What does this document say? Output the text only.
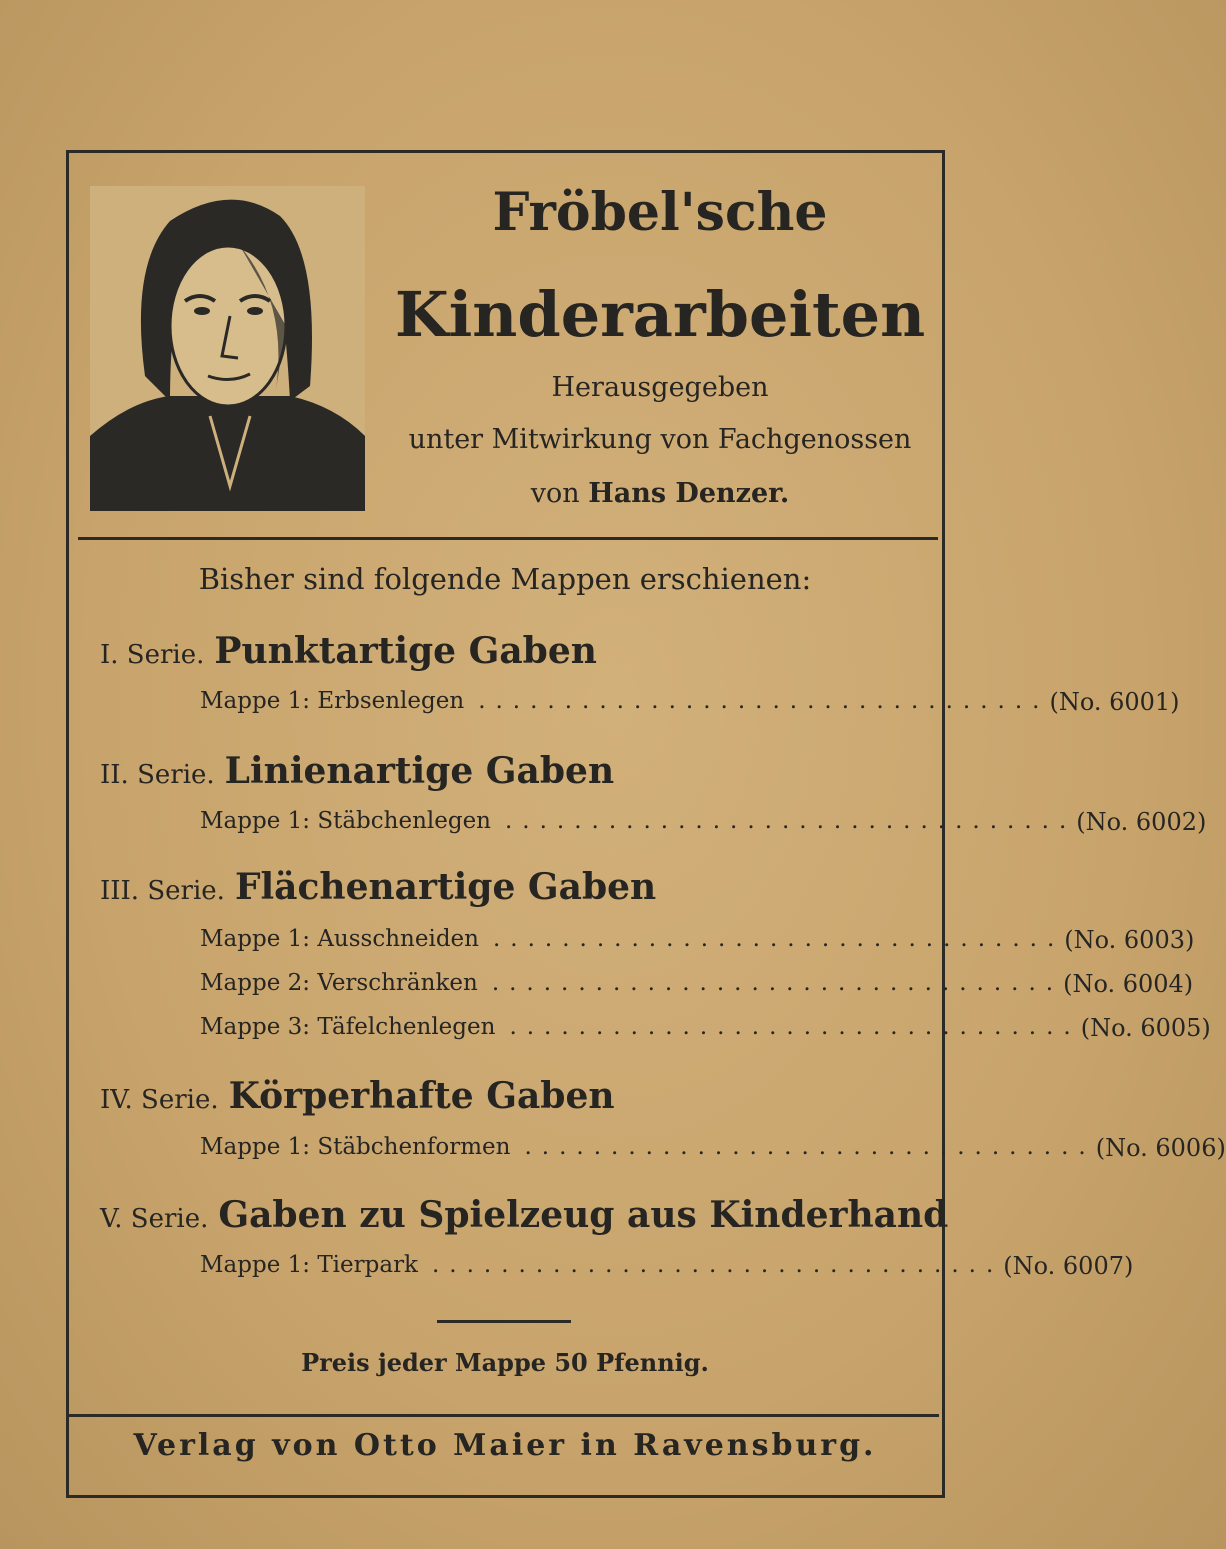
Fröbel'sche
Kinderarbeiten
Herausgegeben
unter Mitwirkung von Fachgenossen
von Hans Denzer.
Bisher sind folgende Mappen erschienen:
I. Serie. Punktartige Gaben
Mappe 1: Erbsenlegen ................................. (No. 6001)
II. Serie. Linienartige Gaben
Mappe 1: Stäbchenlegen ................................. (No. 6002)
III. Serie. Flächenartige Gaben
Mappe 1: Ausschneiden ................................. (No. 6003)
Mappe 2: Verschränken ................................. (No. 6004)
Mappe 3: Täfelchenlegen ................................. (No. 6005)
IV. Serie. Körperhafte Gaben
Mappe 1: Stäbchenformen ................................. (No. 6006)
V. Serie. Gaben zu Spielzeug aus Kinderhand
Mappe 1: Tierpark ................................. (No. 6007)
Preis jeder Mappe 50 Pfennig.
Verlag von Otto Maier in Ravensburg.
